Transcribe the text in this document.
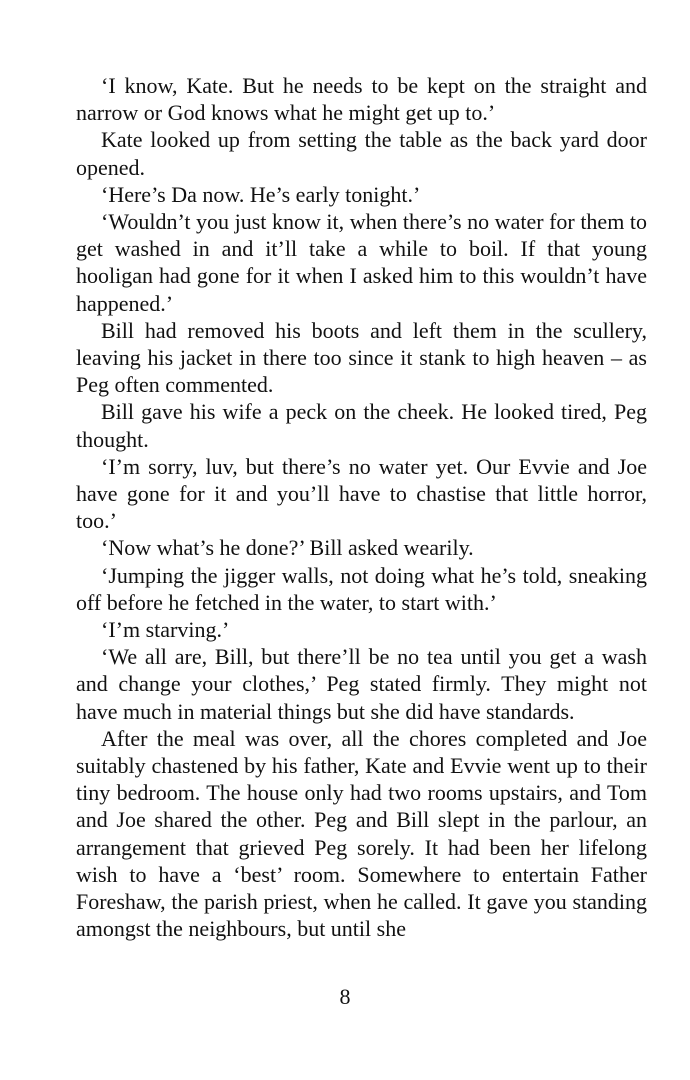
‘I know, Kate. But he needs to be kept on the straight and narrow or God knows what he might get up to.’

Kate looked up from setting the table as the back yard door opened.

‘Here’s Da now. He’s early tonight.’

‘Wouldn’t you just know it, when there’s no water for them to get washed in and it’ll take a while to boil. If that young hooligan had gone for it when I asked him to this wouldn’t have happened.’

Bill had removed his boots and left them in the scullery, leaving his jacket in there too since it stank to high heaven – as Peg often commented.

Bill gave his wife a peck on the cheek. He looked tired, Peg thought.

‘I’m sorry, luv, but there’s no water yet. Our Evvie and Joe have gone for it and you’ll have to chastise that little horror, too.’

‘Now what’s he done?’ Bill asked wearily.

‘Jumping the jigger walls, not doing what he’s told, sneaking off before he fetched in the water, to start with.’

‘I’m starving.’

‘We all are, Bill, but there’ll be no tea until you get a wash and change your clothes,’ Peg stated firmly. They might not have much in material things but she did have standards.

After the meal was over, all the chores completed and Joe suitably chastened by his father, Kate and Evvie went up to their tiny bedroom. The house only had two rooms upstairs, and Tom and Joe shared the other. Peg and Bill slept in the parlour, an arrangement that grieved Peg sorely. It had been her lifelong wish to have a ‘best’ room. Somewhere to entertain Father Foreshaw, the parish priest, when he called. It gave you standing amongst the neighbours, but until she

8
